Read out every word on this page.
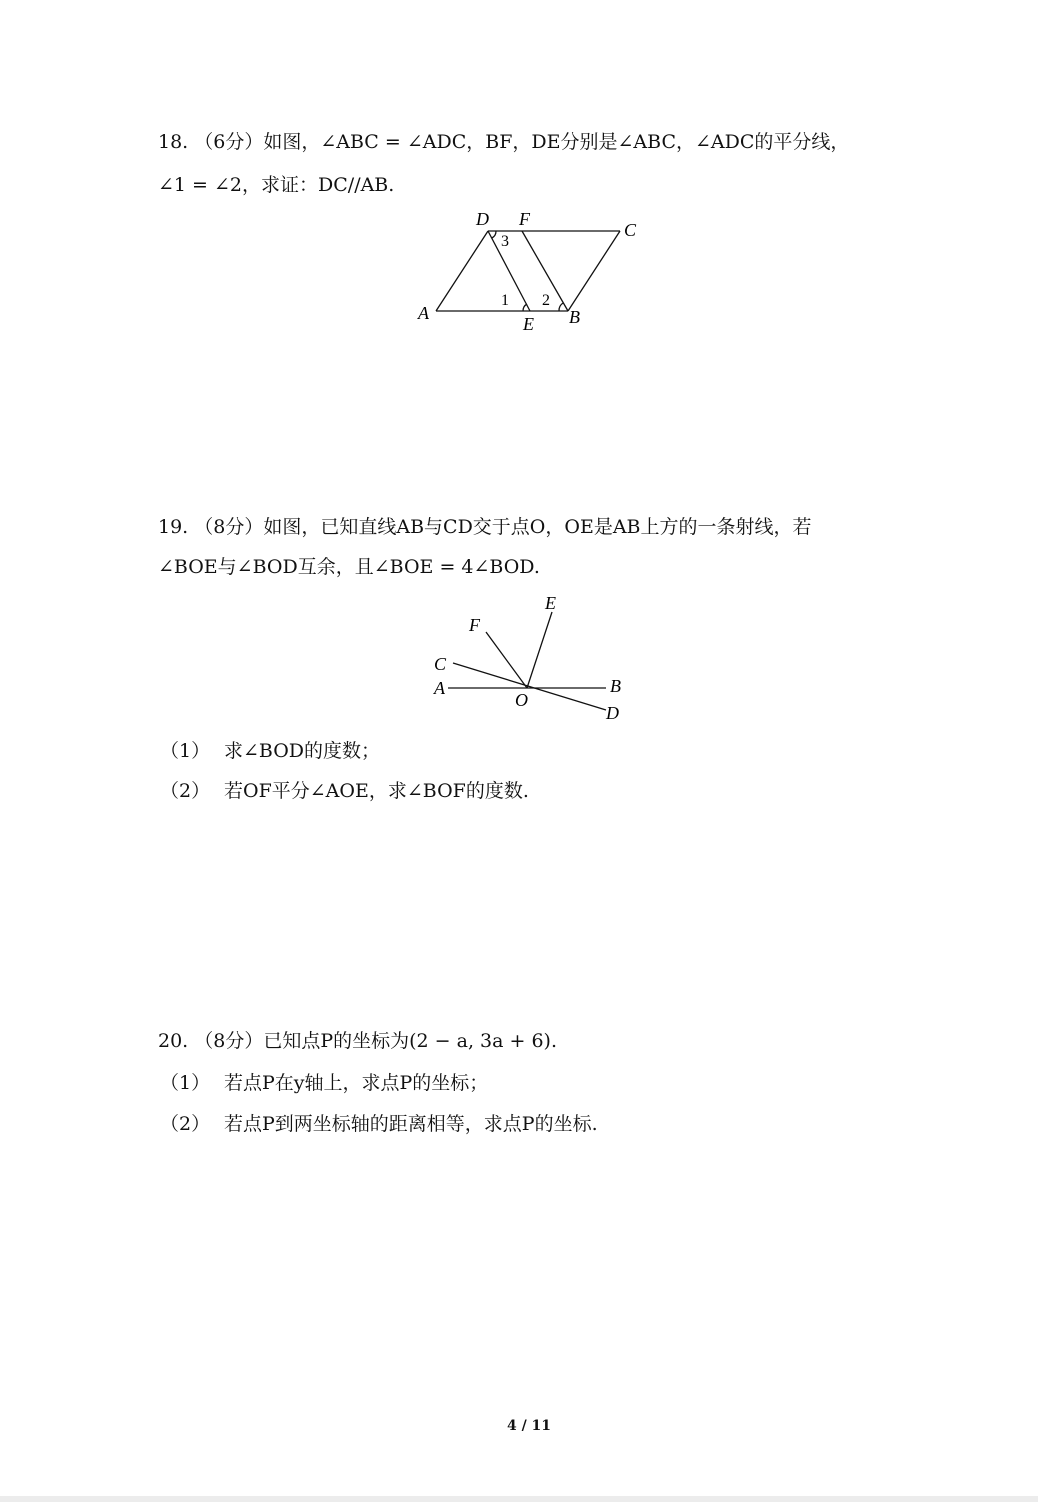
18. （6分）如图，∠ABC = ∠ADC，BF，DE分别是∠ABC，∠ADC的平分线，
∠1 = ∠2，求证：DC//AB.
D F
C
A
E B
1 2
3
19. （8分）如图，已知直线AB与CD交于点O，OE是AB上方的一条射线，若
∠BOE与∠BOD互余，且∠BOE = 4∠BOD.
E
F
C
A
O
B
D
（1） 求∠BOD的度数；
（2） 若OF平分∠AOE，求∠BOF的度数.
20. （8分）已知点P的坐标为(2 − a, 3a + 6).
（1） 若点P在y轴上，求点P的坐标；
（2） 若点P到两坐标轴的距离相等，求点P的坐标.
4 / 11
